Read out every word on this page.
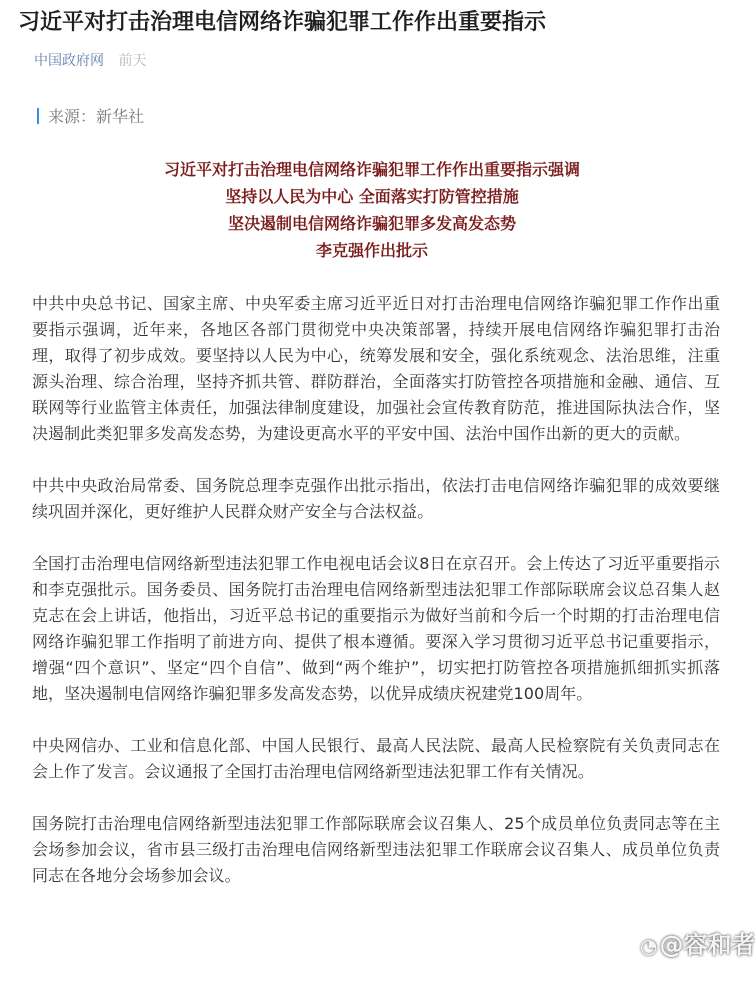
习近平对打击治理电信网络诈骗犯罪工作作出重要指示
中国政府网 前天
来源：新华社
习近平对打击治理电信网络诈骗犯罪工作作出重要指示强调
坚持以人民为中心 全面落实打防管控措施
坚决遏制电信网络诈骗犯罪多发高发态势
李克强作出批示

中共中央总书记、国家主席、中央军委主席习近平近日对打击治理电信网络诈骗犯罪工作作出重要指示强调，近年来，各地区各部门贯彻党中央决策部署，持续开展电信网络诈骗犯罪打击治理，取得了初步成效。要坚持以人民为中心，统筹发展和安全，强化系统观念、法治思维，注重源头治理、综合治理，坚持齐抓共管、群防群治，全面落实打防管控各项措施和金融、通信、互联网等行业监管主体责任，加强法律制度建设，加强社会宣传教育防范，推进国际执法合作，坚决遏制此类犯罪多发高发态势，为建设更高水平的平安中国、法治中国作出新的更大的贡献。

中共中央政治局常委、国务院总理李克强作出批示指出，依法打击电信网络诈骗犯罪的成效要继续巩固并深化，更好维护人民群众财产安全与合法权益。

全国打击治理电信网络新型违法犯罪工作电视电话会议8日在京召开。会上传达了习近平重要指示和李克强批示。国务委员、国务院打击治理电信网络新型违法犯罪工作部际联席会议总召集人赵克志在会上讲话，他指出，习近平总书记的重要指示为做好当前和今后一个时期的打击治理电信网络诈骗犯罪工作指明了前进方向、提供了根本遵循。要深入学习贯彻习近平总书记重要指示，增强“四个意识”、坚定“四个自信”、做到“两个维护”，切实把打防管控各项措施抓细抓实抓落地，坚决遏制电信网络诈骗犯罪多发高发态势，以优异成绩庆祝建党100周年。

中央网信办、工业和信息化部、中国人民银行、最高人民法院、最高人民检察院有关负责同志在会上作了发言。会议通报了全国打击治理电信网络新型违法犯罪工作有关情况。

国务院打击治理电信网络新型违法犯罪工作部际联席会议召集人、25个成员单位负责同志等在主会场参加会议，省市县三级打击治理电信网络新型违法犯罪工作联席会议召集人、成员单位负责同志在各地分会场参加会议。

◔@容和者
